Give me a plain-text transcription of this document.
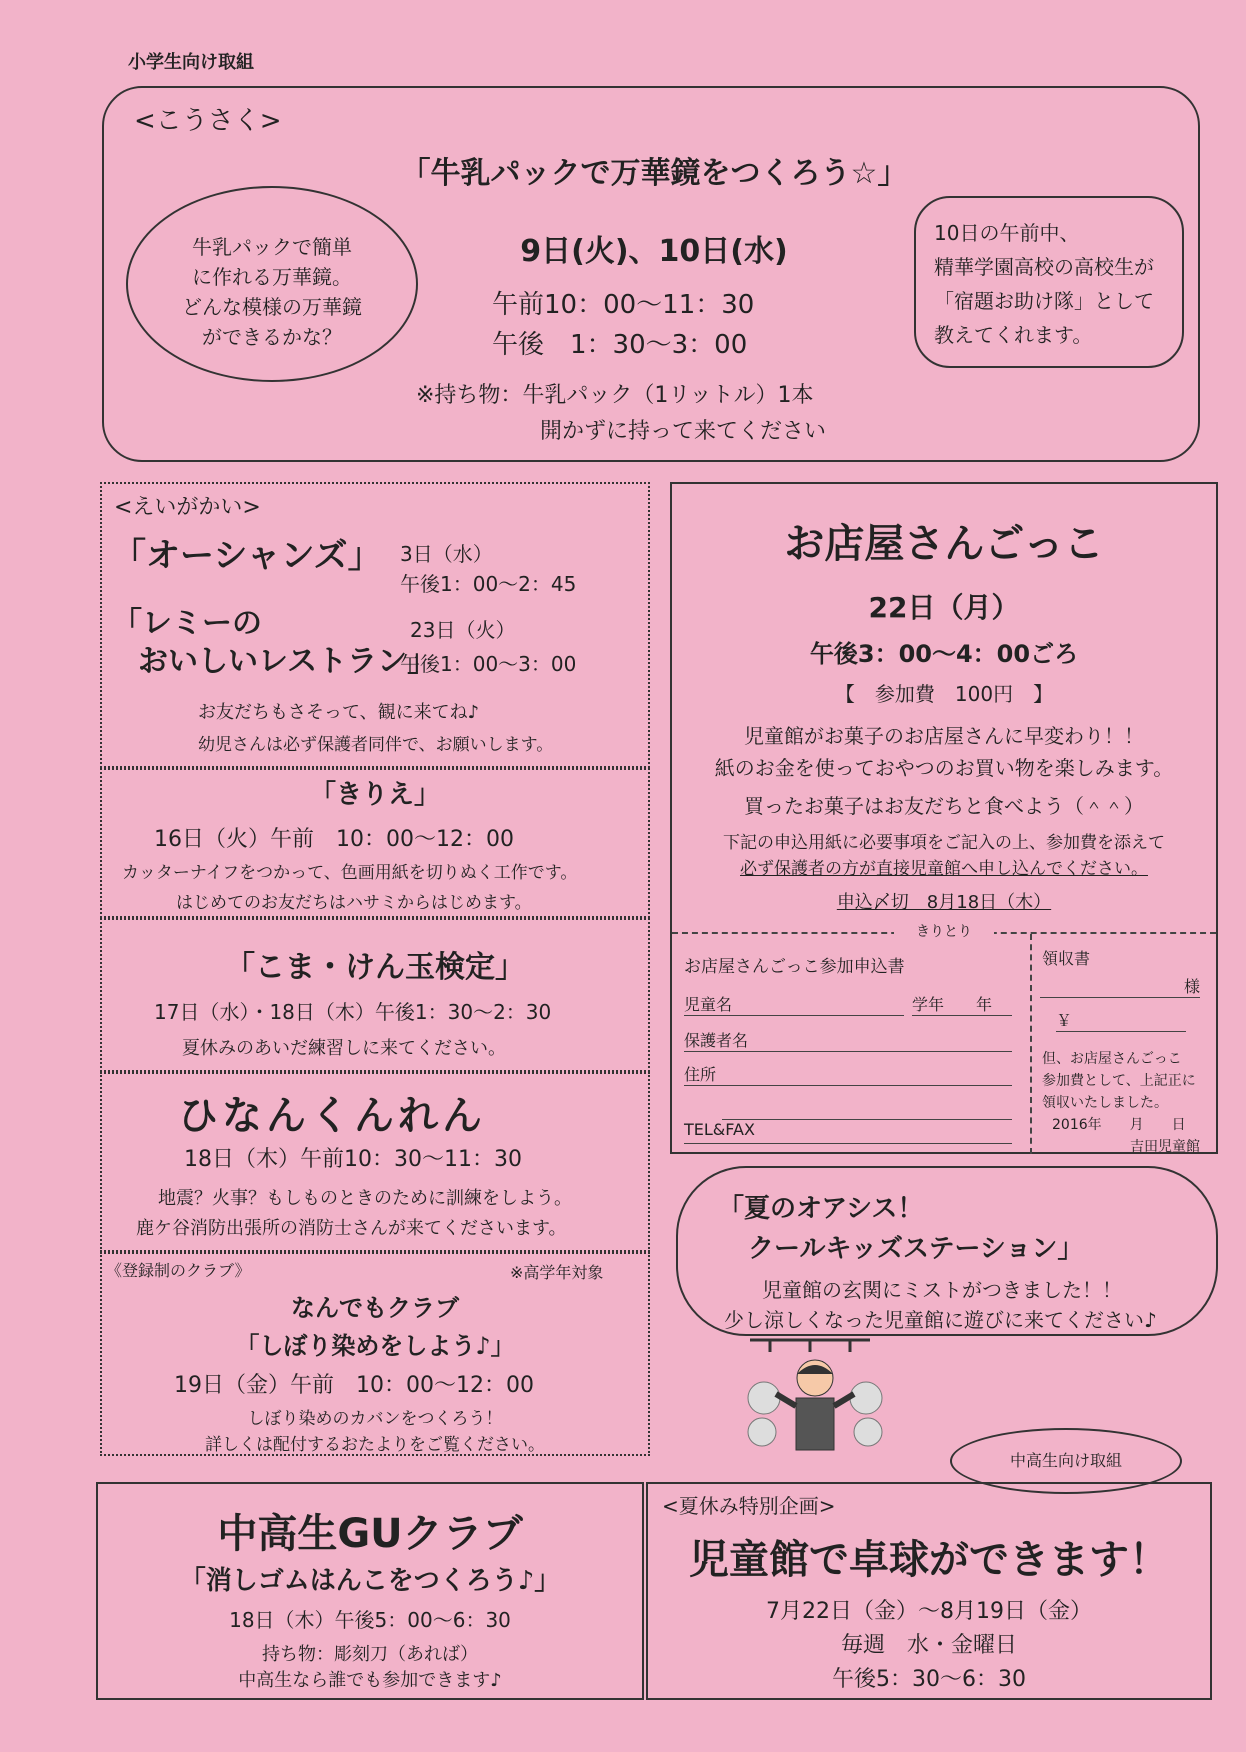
小学生向け取組
<こうさく>
「牛乳パックで万華鏡をつくろう☆」
9日(火)、10日(水)
午前10：00～11：30
午後　1：30～3：00
※持ち物：牛乳パック（1リットル）1本
開かずに持って来てください
牛乳パックで簡単
に作れる万華鏡。
どんな模様の万華鏡
ができるかな？
10日の午前中、
精華学園高校の高校生が
「宿題お助け隊」として
教えてくれます。
<えいがかい>
「オーシャンズ」 3日（水）
午後1：00～2：45
「レミーの
おいしいレストラン」
23日（火）
午後1：00～3：00
お友だちもさそって、観に来てね♪
幼児さんは必ず保護者同伴で、お願いします。
「きりえ」
16日（火）午前　10：00～12：00
カッターナイフをつかって、色画用紙を切りぬく工作です。
はじめてのお友だちはハサミからはじめます。
「こま・けん玉検定」
17日（水）・18日（木）午後1：30～2：30
夏休みのあいだ練習しに来てください。
ひなんくんれん
18日（木）午前10：30～11：30
地震？火事？もしものときのために訓練をしよう。
鹿ケ谷消防出張所の消防士さんが来てくださいます。
《登録制のクラブ》	※高学年対象
なんでもクラブ
「しぼり染めをしよう♪」
19日（金）午前　10：00～12：00
しぼり染めのカバンをつくろう！
詳しくは配付するおたよりをご覧ください。
お店屋さんごっこ
22日（月）
午後3：00～4：00ごろ
【　参加費　100円　】
児童館がお菓子のお店屋さんに早変わり！！
紙のお金を使っておやつのお買い物を楽しみます。
買ったお菓子はお友だちと食べよう（＾＾）
下記の申込用紙に必要事項をご記入の上、参加費を添えて
必ず保護者の方が直接児童館へ申し込んでください。
申込〆切　8月18日（木）
きりとり
お店屋さんごっこ参加申込書
児童名	学年　　年
保護者名
住所
TEL&FAX
領収書
様
￥
但、お店屋さんごっこ
参加費として、上記正に
領収いたしました。
2016年　　月　　日
吉田児童館
「夏のオアシス！
クールキッズステーション」
児童館の玄関にミストがつきました！！
少し涼しくなった児童館に遊びに来てください♪
中高生向け取組
中高生GUクラブ
「消しゴムはんこをつくろう♪」
18日（木）午後5：00～6：30
持ち物：彫刻刀（あれば）
中高生なら誰でも参加できます♪
<夏休み特別企画>
児童館で卓球ができます！
7月22日（金）～8月19日（金）
毎週　水・金曜日
午後5：30～6：30
